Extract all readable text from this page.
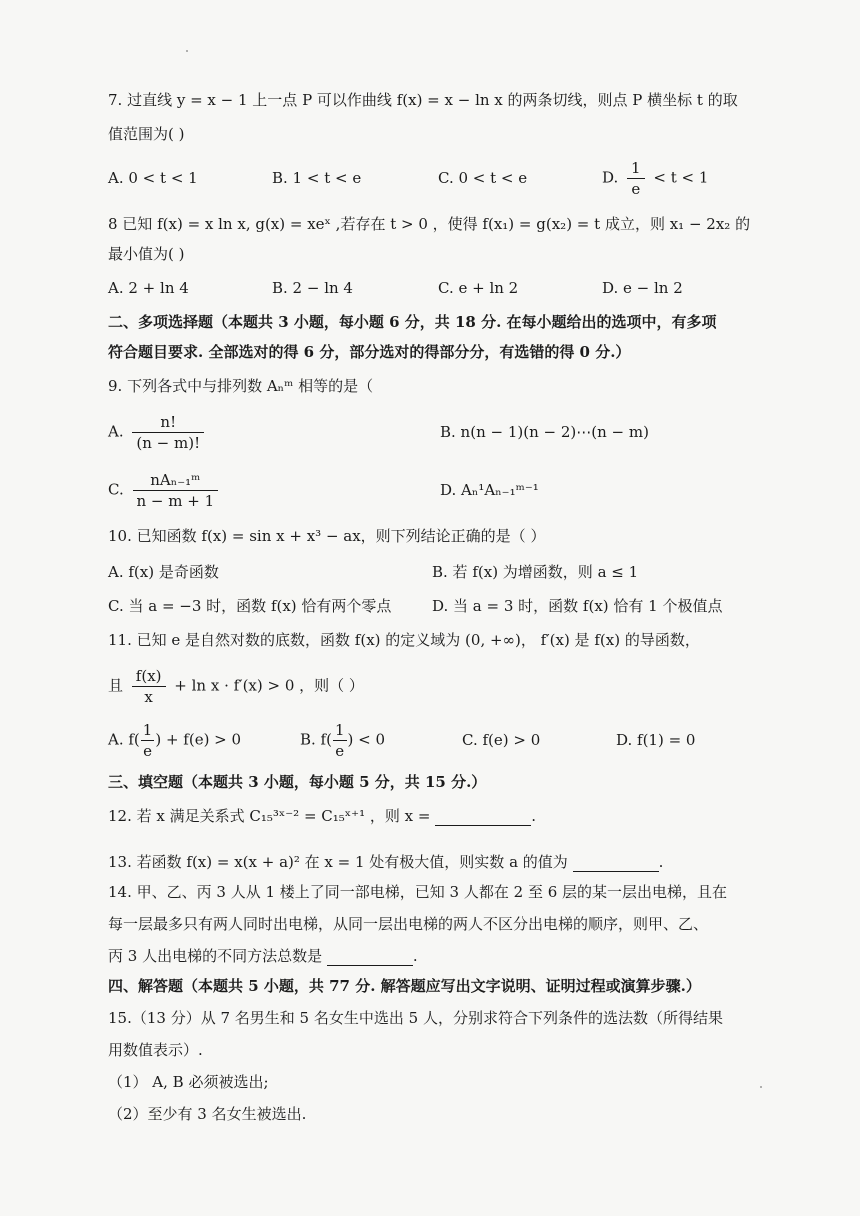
7. 过直线 y = x − 1 上一点 P 可以作曲线 f(x) = x − ln x 的两条切线，则点 P 横坐标 t 的取
值范围为( )
A. 0 < t < 1	B. 1 < t < e	C. 0 < t < e	D. $\frac{1}{e} < t < 1$
8 已知 f(x) = x ln x, g(x) = xeˣ ,若存在 t > 0 ，使得 f(x₁) = g(x₂) = t 成立，则 x₁ − 2x₂ 的
最小值为( )
A. 2 + ln 4	B. 2 − ln 4	C. e + ln 2	D. e − ln 2
二、多项选择题（本题共 3 小题，每小题 6 分，共 18 分. 在每小题给出的选项中，有多项
符合题目要求. 全部选对的得 6 分，部分选对的得部分分，有选错的得 0 分.）
9. 下列各式中与排列数 Aₙᵐ 相等的是（
A. $\frac{n!}{(n - m)!}$	B. n(n − 1)(n − 2)⋯(n − m)
C. $\frac{\text{nAₙ₋₁ᵐ}}{n - m + 1}$	D. Aₙ¹Aₙ₋₁ᵐ⁻¹
10. 已知函数 f(x) = sin x + x³ − ax，则下列结论正确的是（ ）
A. f(x) 是奇函数	B. 若 f(x) 为增函数，则 a ≤ 1
C. 当 a = −3 时，函数 f(x) 恰有两个零点	D. 当 a = 3 时，函数 f(x) 恰有 1 个极值点
11. 已知 e 是自然对数的底数，函数 f(x) 的定义域为 (0, +∞)， f′(x) 是 f(x) 的导函数，
且 $\frac{f(x)}{x} + \ln x \cdot f'(x) > 0$ ，则（ ）
A. $f( \frac{1}{e}$ ) + f(e) > 0	B. $f( \frac{1}{e}$ ) < 0	C. f(e) > 0	D. f(1) = 0
三、填空题（本题共 3 小题，每小题 5 分，共 15 分.）
12. 若 x 满足关系式 C₁₅³ˣ⁻² = C₁₅ˣ⁺¹ ，则 x =	.
13. 若函数 f(x) = x(x + a)² 在 x = 1 处有极大值，则实数 a 的值为	.
14. 甲、乙、丙 3 人从 1 楼上了同一部电梯，已知 3 人都在 2 至 6 层的某一层出电梯，且在
每一层最多只有两人同时出电梯，从同一层出电梯的两人不区分出电梯的顺序，则甲、乙、
丙 3 人出电梯的不同方法总数是	.
四、解答题（本题共 5 小题，共 77 分. 解答题应写出文字说明、证明过程或演算步骤.）
15.（13 分）从 7 名男生和 5 名女生中选出 5 人，分别求符合下列条件的选法数（所得结果
用数值表示）.
（1） A, B 必须被选出;
（2）至少有 3 名女生被选出.
